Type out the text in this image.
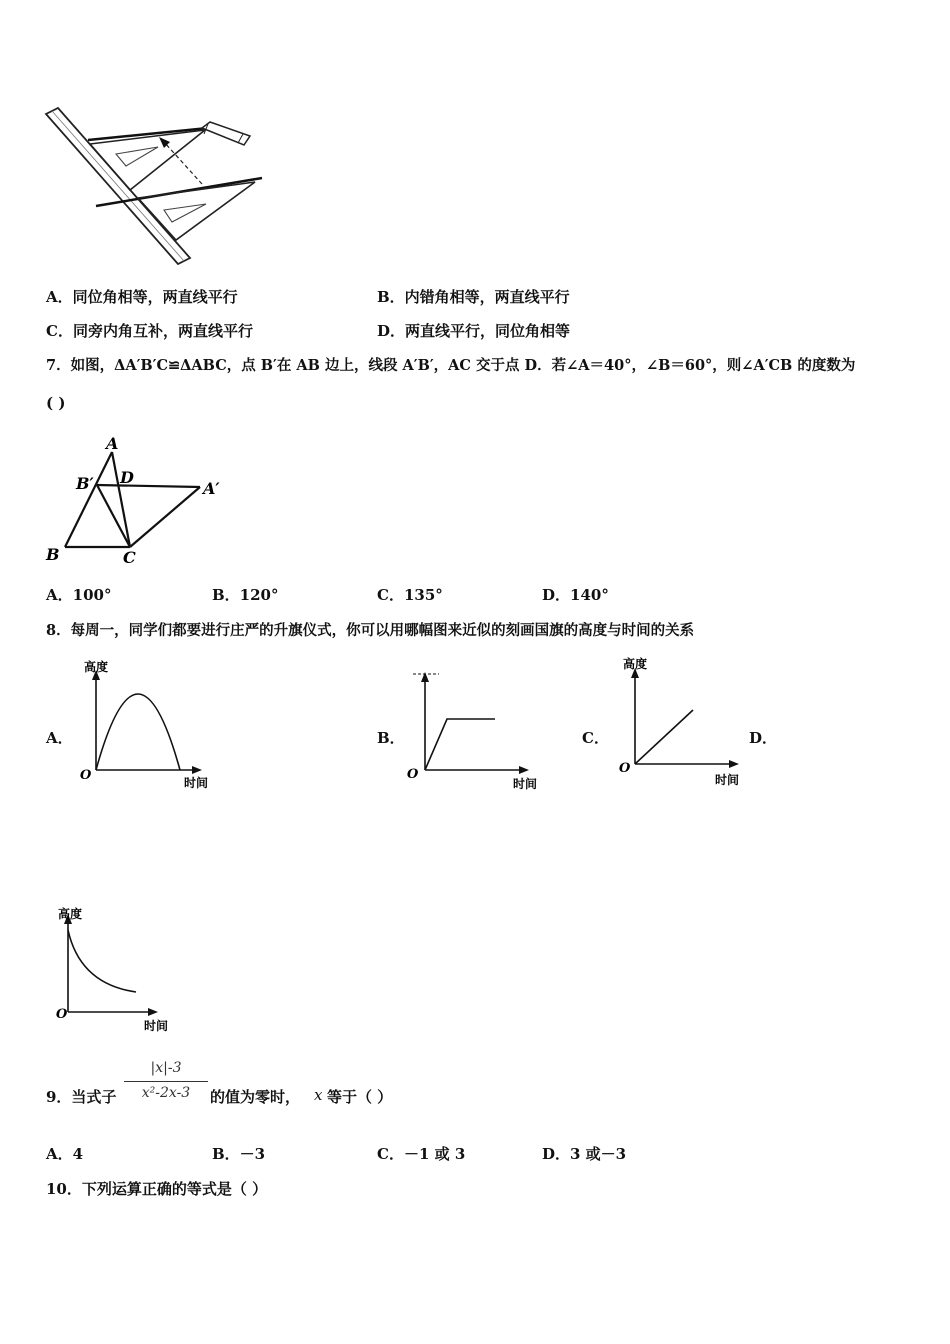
A．同位角相等，两直线平行	B．内错角相等，两直线平行
C．同旁内角互补，两直线平行	D．两直线平行，同位角相等
7．如图，ΔA′B′C≌ΔABC，点 B′在 AB 边上，线段 A′B′，AC 交于点 D．若∠A＝40°，∠B＝60°，则∠A′CB 的度数为
( )
A
D
B′	A′
B	C
A．100°	B．120°	C．135°	D．140°
8．每周一，同学们都要进行庄严的升旗仪式，你可以用哪幅图来近似的刻画国旗的高度与时间的关系
A．	B．	C．	D．
高度
时间
O
时间
O
高度
时间
O
高度
时间
O
9．当式子
|x|-3
x²-2x-3	的值为零时， x 等于（ ）
A．4	B．－3	C．－1 或 3	D．3 或－3
10．下列运算正确的等式是（ ）
